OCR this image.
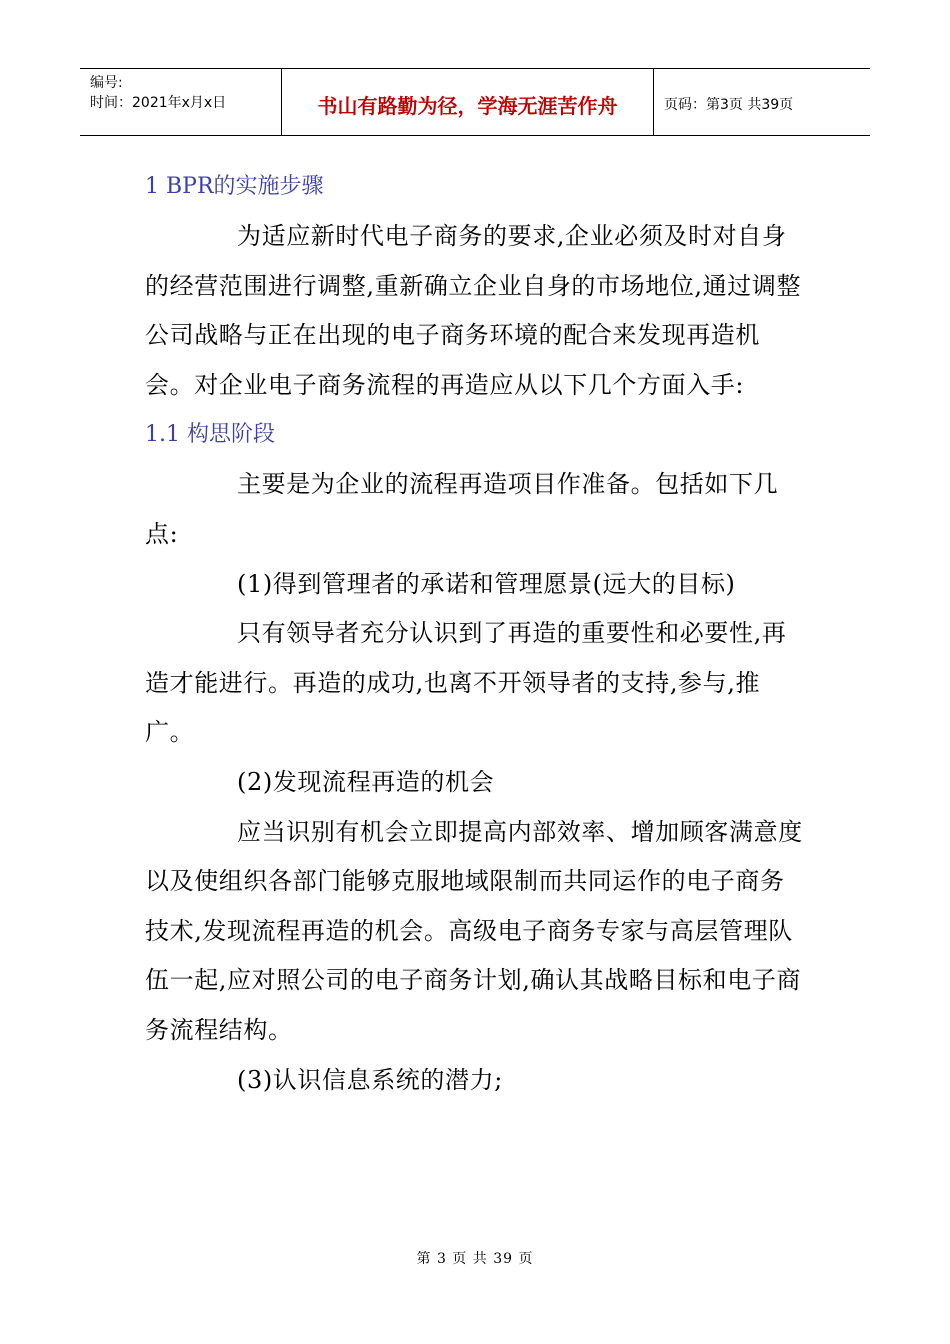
编号:
时间：2021年x月x日	书山有路勤为径，学海无涯苦作舟	页码：第3页 共39页
1 BPR的实施步骤
为适应新时代电子商务的要求,企业必须及时对自身的经营范围进行调整,重新确立企业自身的市场地位,通过调整公司战略与正在出现的电子商务环境的配合来发现再造机会。对企业电子商务流程的再造应从以下几个方面入手:
1.1 构思阶段
主要是为企业的流程再造项目作准备。包括如下几点:
(1)得到管理者的承诺和管理愿景(远大的目标)
只有领导者充分认识到了再造的重要性和必要性,再造才能进行。再造的成功,也离不开领导者的支持,参与,推广。
(2)发现流程再造的机会
应当识别有机会立即提高内部效率、增加顾客满意度以及使组织各部门能够克服地域限制而共同运作的电子商务技术,发现流程再造的机会。高级电子商务专家与高层管理队伍一起,应对照公司的电子商务计划,确认其战略目标和电子商务流程结构。
(3)认识信息系统的潜力;
第 3 页 共 39 页
